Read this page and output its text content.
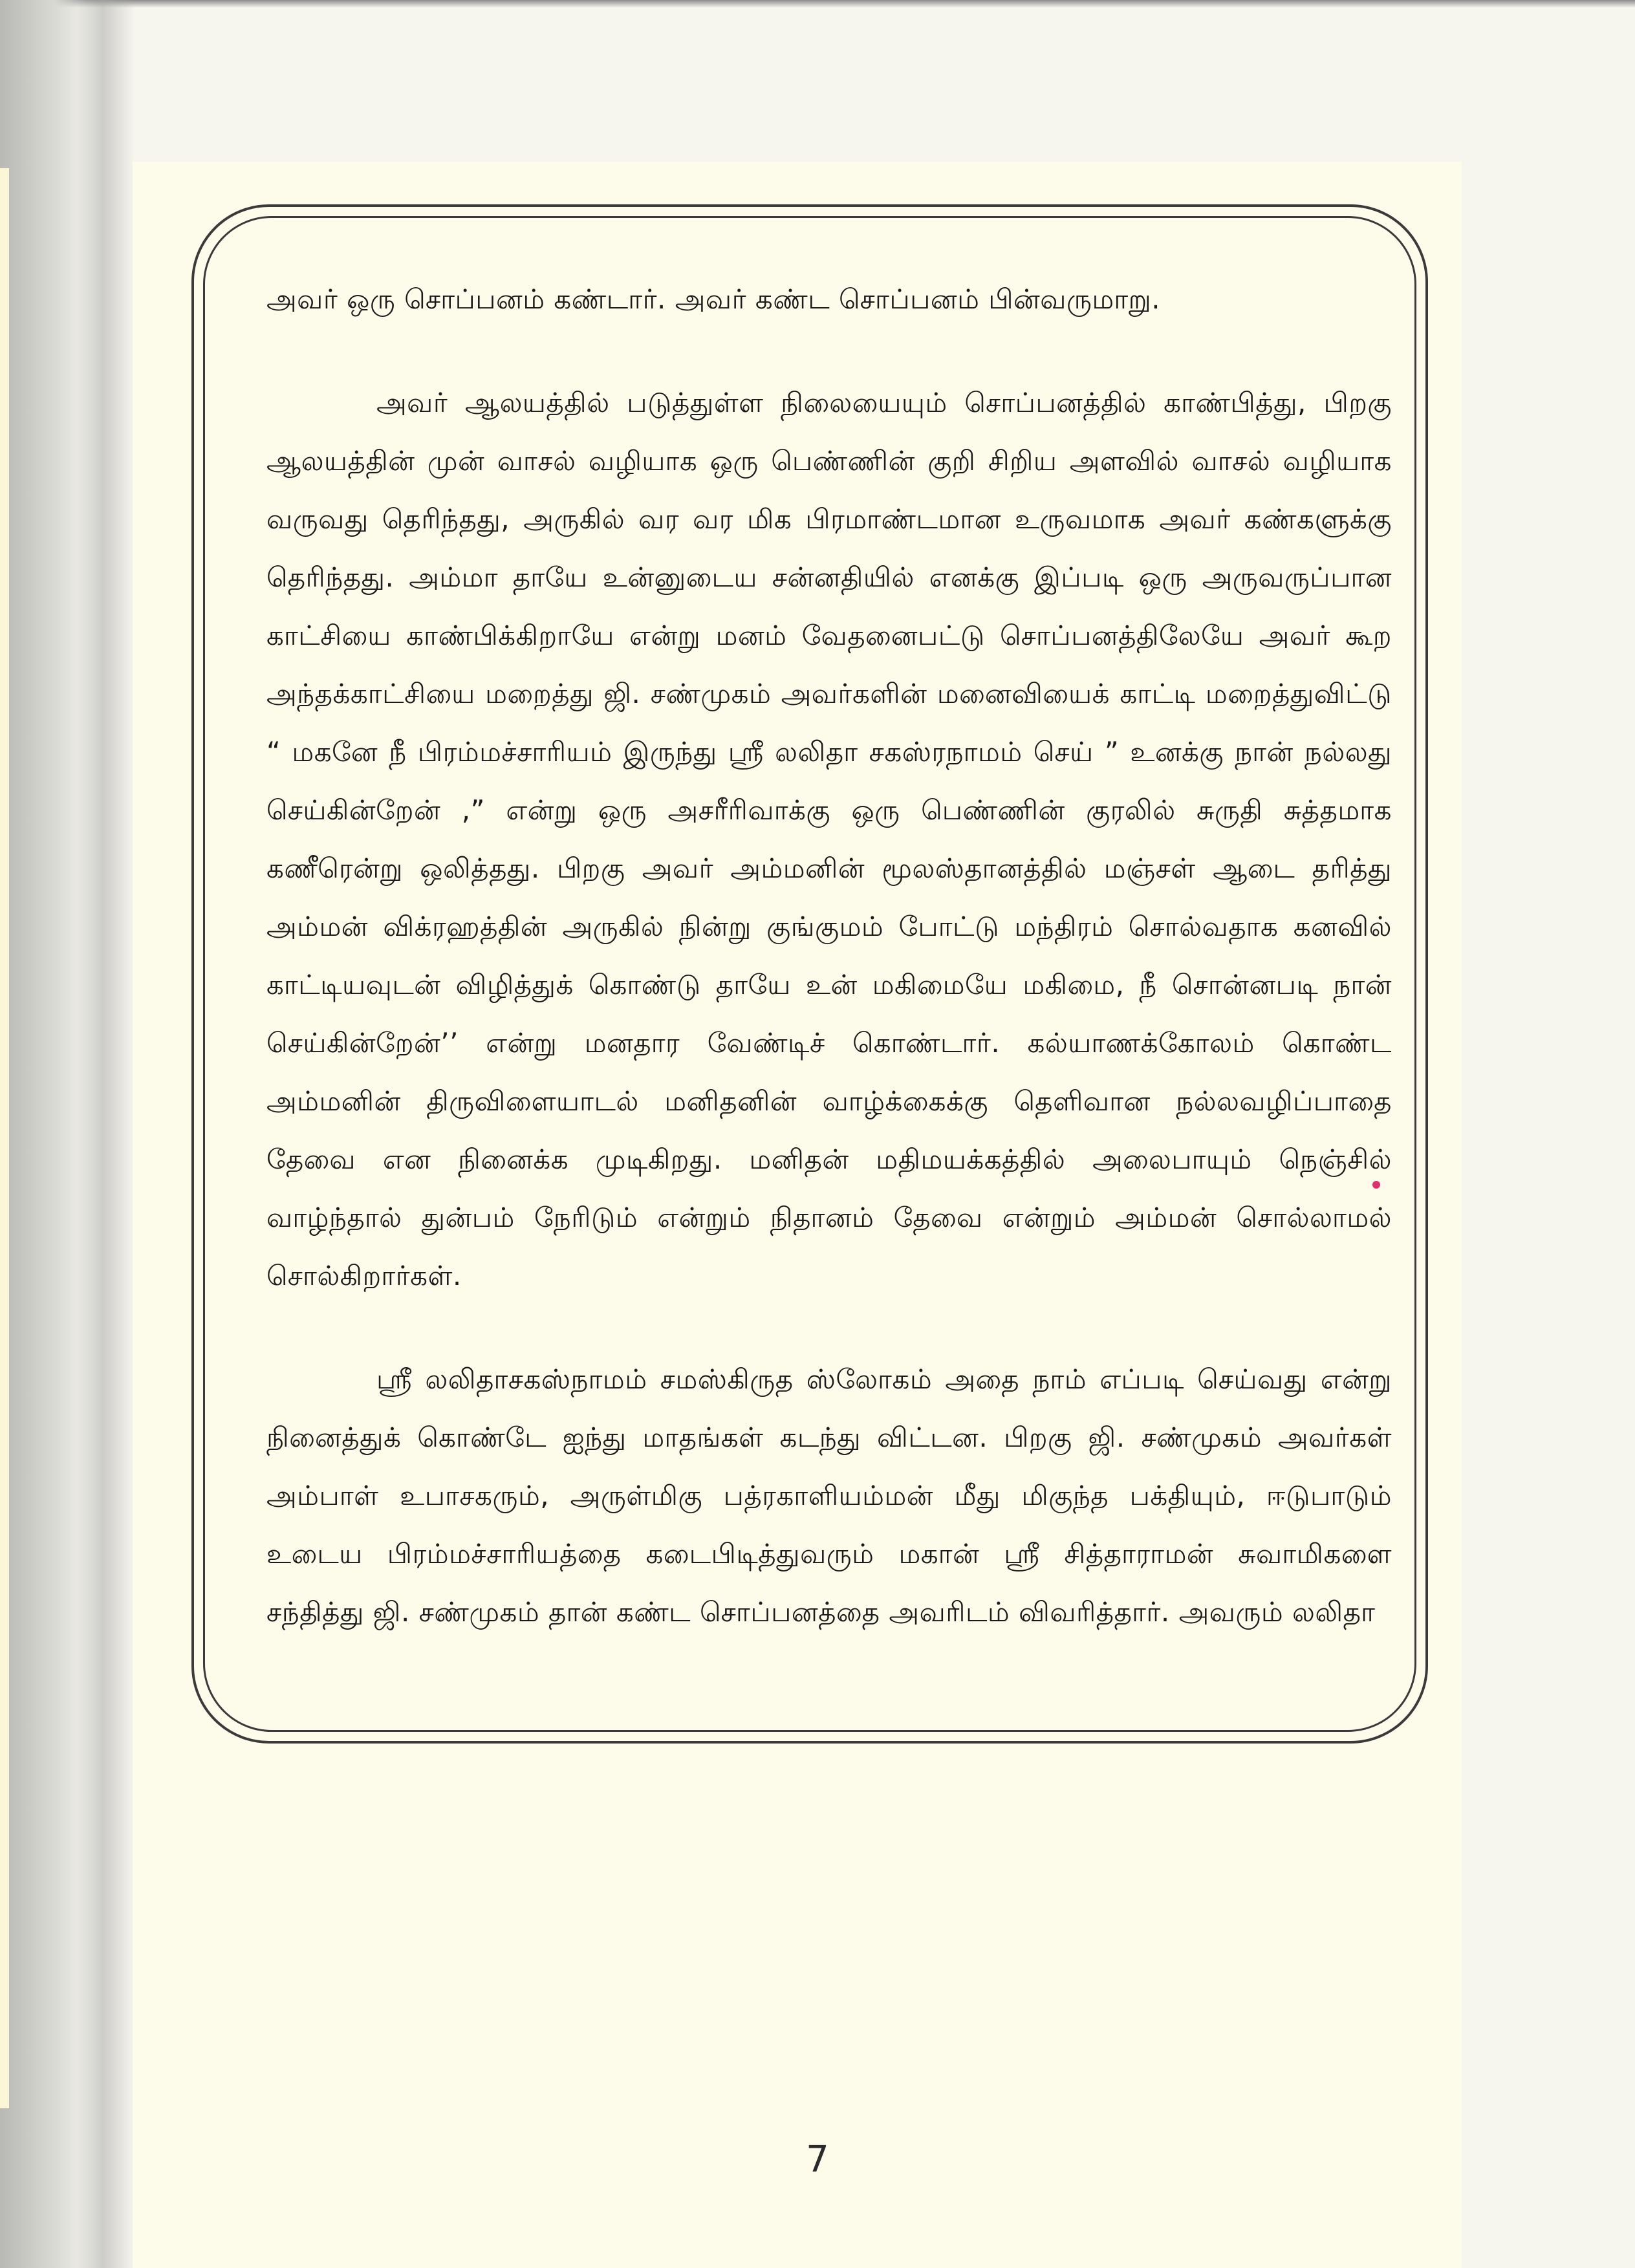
அவர் ஒரு சொப்பனம் கண்டார். அவர் கண்ட சொப்பனம் பின்வருமாறு.

அவர் ஆலயத்தில் படுத்துள்ள நிலையையும் சொப்பனத்தில் காண்பித்து, பிறகு ஆலயத்தின் முன் வாசல் வழியாக ஒரு பெண்ணின் குறி சிறிய அளவில் வாசல் வழியாக வருவது தெரிந்தது, அருகில் வர வர மிக பிரமாண்டமான உருவமாக அவர் கண்களுக்கு தெரிந்தது. அம்மா தாயே உன்னுடைய சன்னதியில் எனக்கு இப்படி ஒரு அருவருப்பான காட்சியை காண்பிக்கிறாயே என்று மனம் வேதனைபட்டு சொப்பனத்திலேயே அவர் கூற அந்தக்காட்சியை மறைத்து ஜி. சண்முகம் அவர்களின் மனைவியைக் காட்டி மறைத்துவிட்டு “ மகனே நீ பிரம்மச்சாரியம் இருந்து ஸ்ரீ லலிதா சகஸ்ரநாமம் செய் ” உனக்கு நான் நல்லது செய்கின்றேன் ,” என்று ஒரு அசரீரிவாக்கு ஒரு பெண்ணின் குரலில் சுருதி சுத்தமாக கணீரென்று ஒலித்தது. பிறகு அவர் அம்மனின் மூலஸ்தானத்தில் மஞ்சள் ஆடை தரித்து அம்மன் விக்ரஹத்தின் அருகில் நின்று குங்குமம் போட்டு மந்திரம் சொல்வதாக கனவில் காட்டியவுடன் விழித்துக் கொண்டு தாயே உன் மகிமையே மகிமை, நீ சொன்னபடி நான் செய்கின்றேன்’’ என்று மனதார வேண்டிச் கொண்டார். கல்யாணக்கோலம் கொண்ட அம்மனின் திருவிளையாடல் மனிதனின் வாழ்க்கைக்கு தெளிவான நல்லவழிப்பாதை தேவை என நினைக்க முடிகிறது. மனிதன் மதிமயக்கத்தில் அலைபாயும் நெஞ்சில் வாழ்ந்தால் துன்பம் நேரிடும் என்றும் நிதானம் தேவை என்றும் அம்மன் சொல்லாமல் சொல்கிறார்கள்.

ஸ்ரீ லலிதாசகஸ்நாமம் சமஸ்கிருத ஸ்லோகம் அதை நாம் எப்படி செய்வது என்று நினைத்துக் கொண்டே ஐந்து மாதங்கள் கடந்து விட்டன. பிறகு ஜி. சண்முகம் அவர்கள் அம்பாள் உபாசகரும், அருள்மிகு பத்ரகாளியம்மன் மீது மிகுந்த பக்தியும், ஈடுபாடும் உடைய பிரம்மச்சாரியத்தை கடைபிடித்துவரும் மகான் ஸ்ரீ சித்தாராமன் சுவாமிகளை சந்தித்து ஜி. சண்முகம் தான் கண்ட சொப்பனத்தை அவரிடம் விவரித்தார். அவரும் லலிதா

7
